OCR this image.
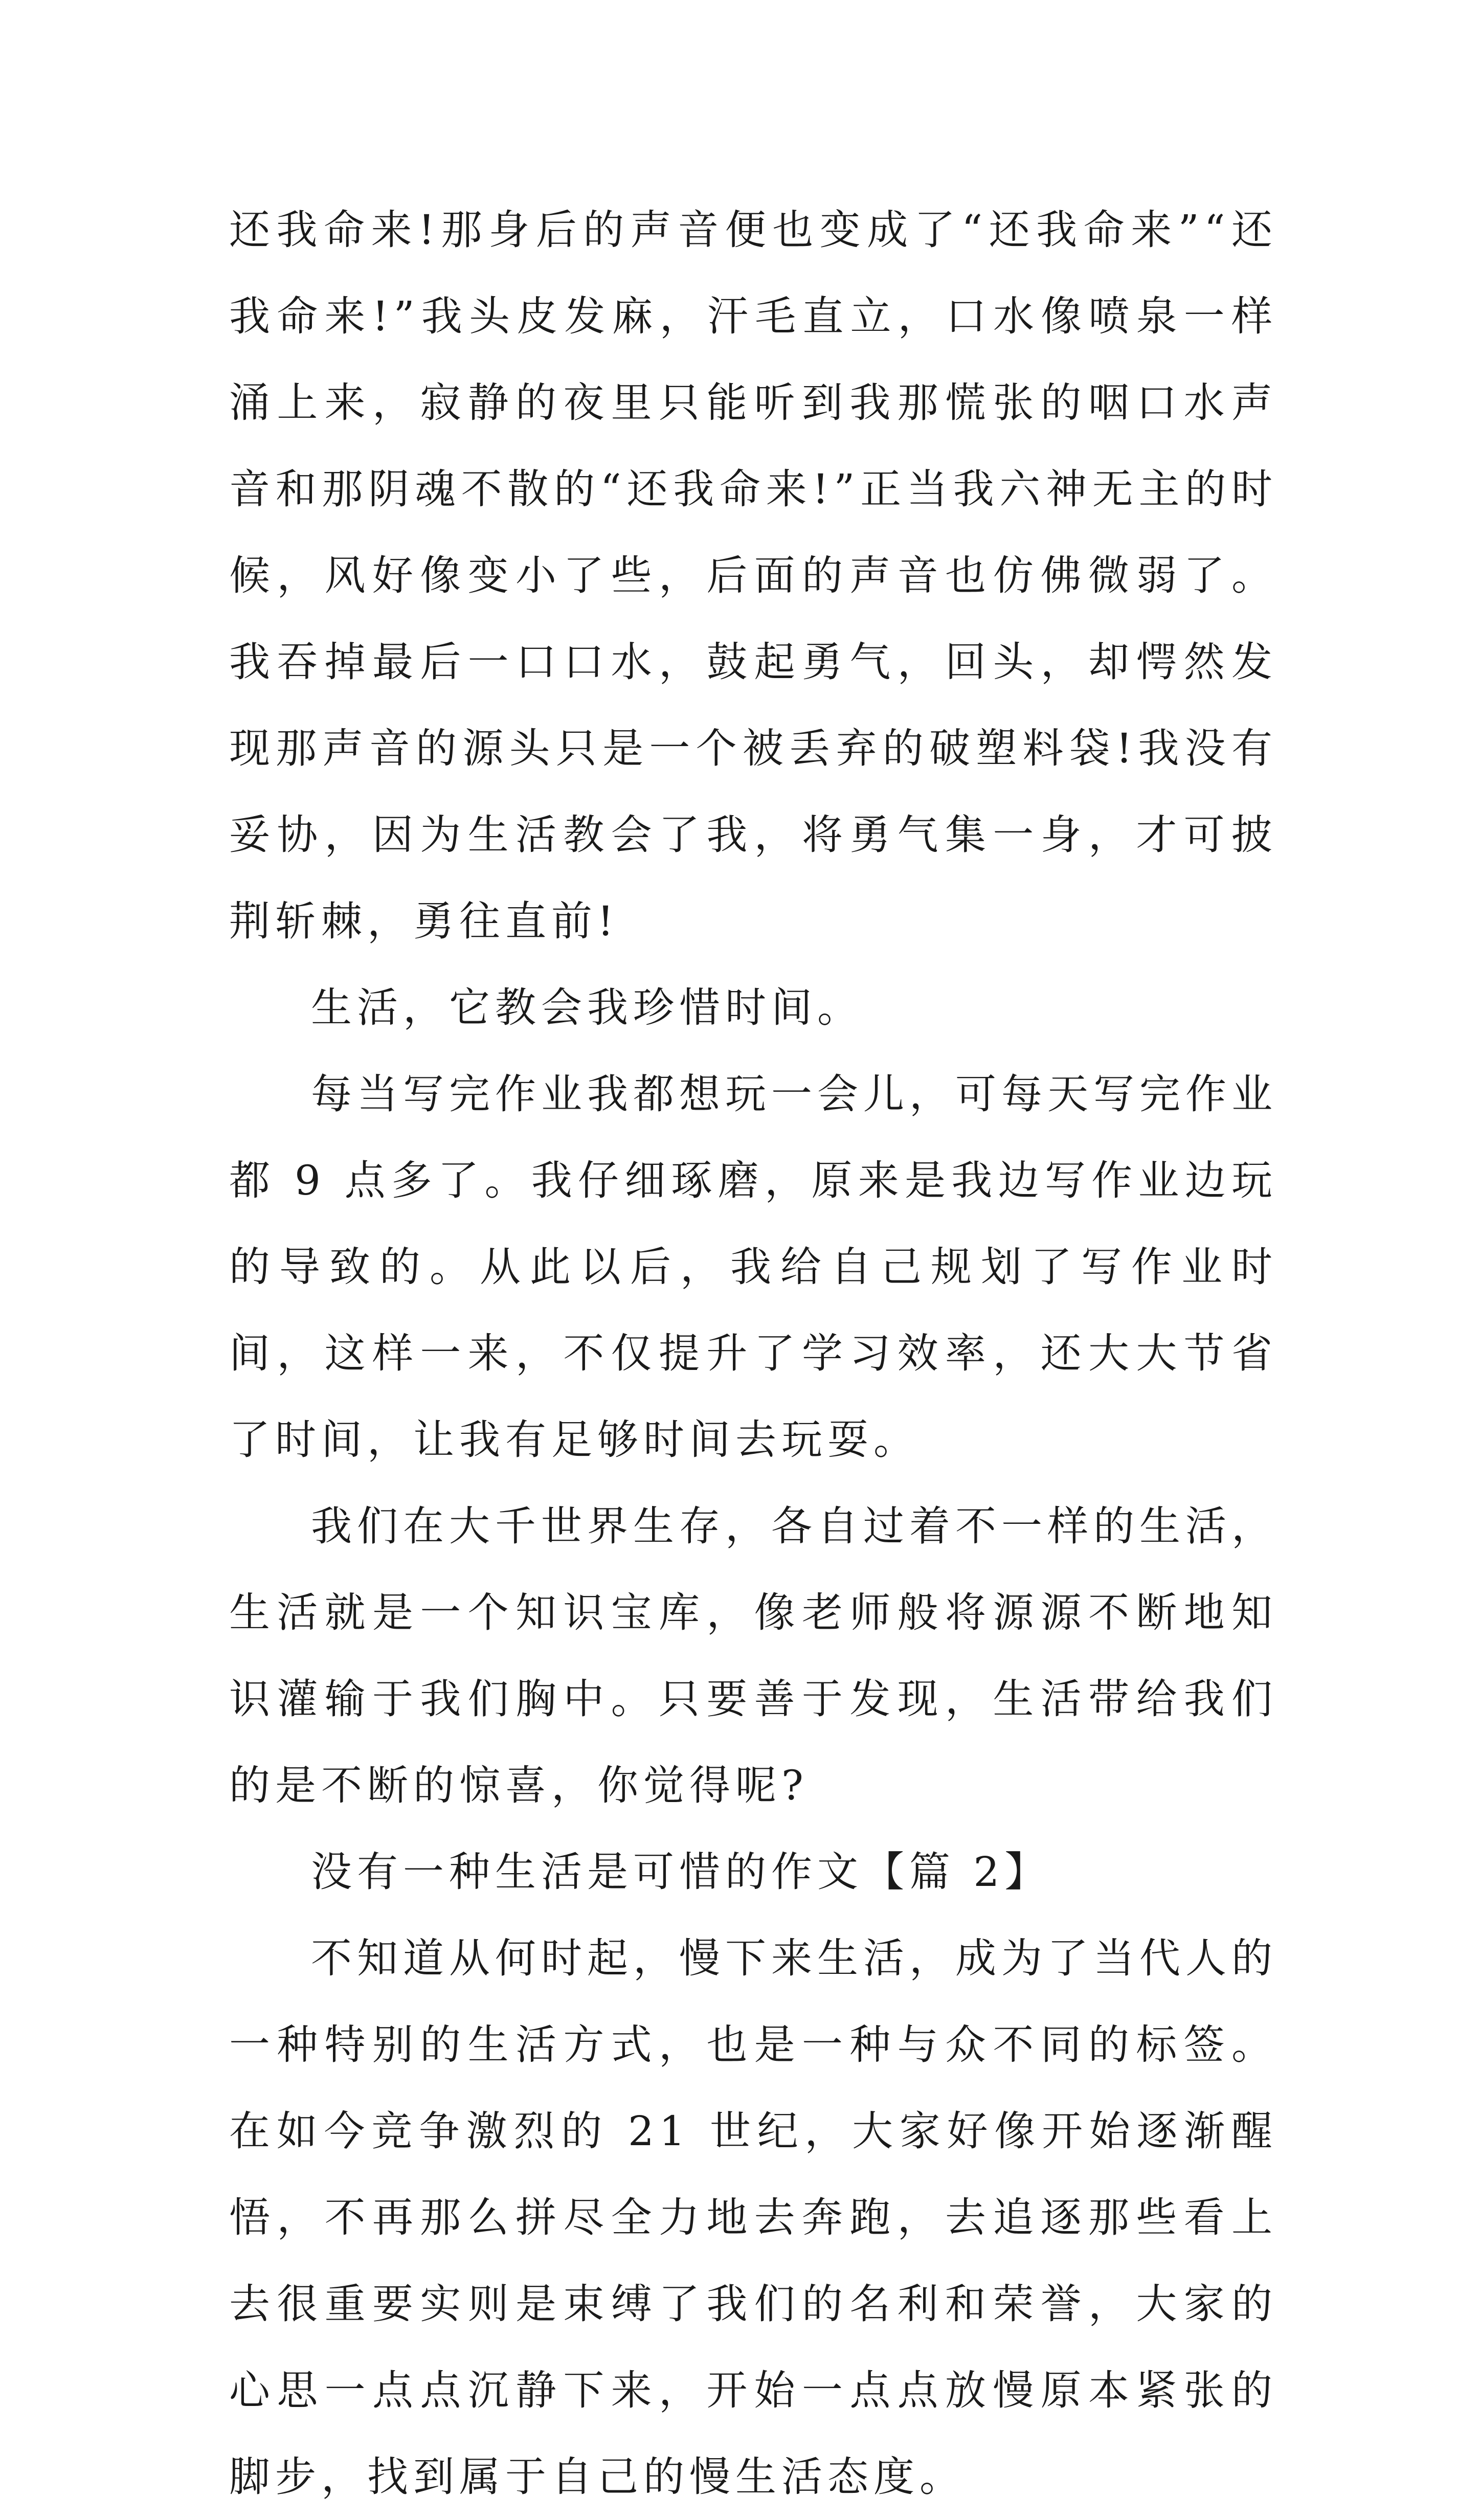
还我命来!那身后的声音便也变成了“还我命来”“还我命来!”我头皮发麻，汗毛直立，口水像喷泉一样涌上来，寂静的夜里只能听到我那慌张的咽口水声音和那阴魂不散的“还我命来!”正当我六神无主的时候，风好像变小了些，后面的声音也仿佛微弱了。我吞掉最后一口口水，鼓起勇气，回头，却愕然发现那声音的源头只是一个被丢弃的破塑料袋!我没有妥协，因为生活教会了我，将勇气集一身，才可披荆斩棘，勇往直前!

生活，它教会我珍惜时间。

每当写完作业我都想玩一会儿，可每天写完作业都 9 点多了。我仔细琢磨，原来是我边写作业边玩的导致的。从此以后，我给自己规划了写作业时间，这样一来，不仅提升了学习效率，还大大节省了时间，让我有足够时间去玩耍。

我们在大千世界生存，各自过着不一样的生活，生活就是一个知识宝库，像老师般将源源不断地知识灌输于我们胸中。只要善于发现，生活带给我们的是不断的惊喜，你觉得呢?

没有一种生活是可惜的作文【篇 2】

不知道从何时起，慢下来生活，成为了当代人的一种特别的生活方式，也是一种与众不同的标签。在如今竞争激烈的 21 世纪，大家好像开始逐渐醒悟，不再那么拼尽全力地去奔跑，去追逐那些看上去很重要实则是束缚了我们的名利和荣誉，大家的心思一点点沉静下来，开始一点点放慢原本紧张的脚步，找到属于自己的慢生活态度。
